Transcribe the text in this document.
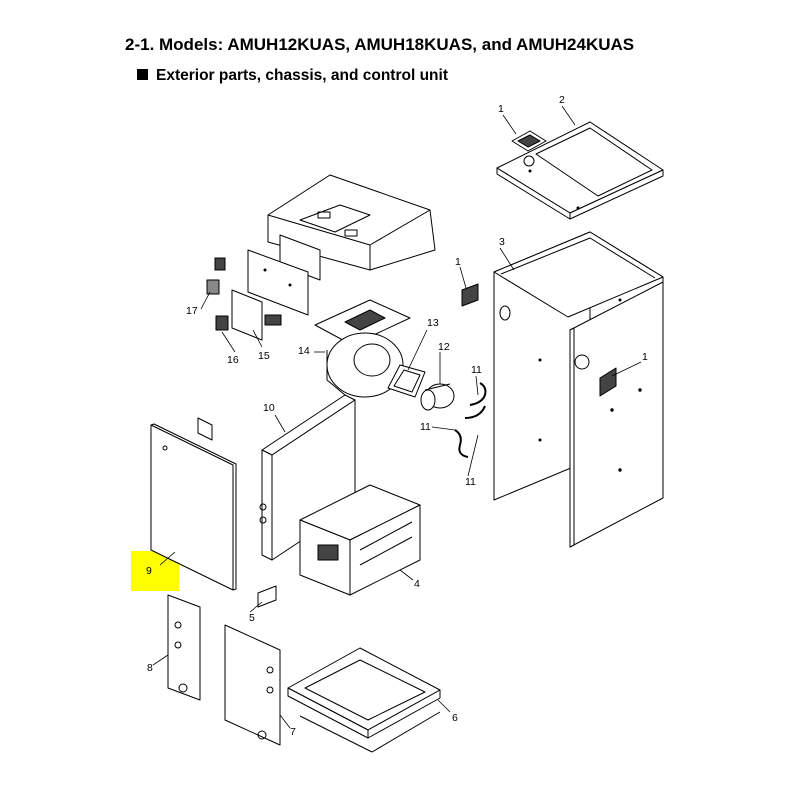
2-1. Models: AMUH12KUAS, AMUH18KUAS, and AMUH24KUAS
Exterior parts, chassis, and control unit
1
2
1
3
1
17
16 15	14
13
12
11
11
11
10
9
5
4
8
7
6
